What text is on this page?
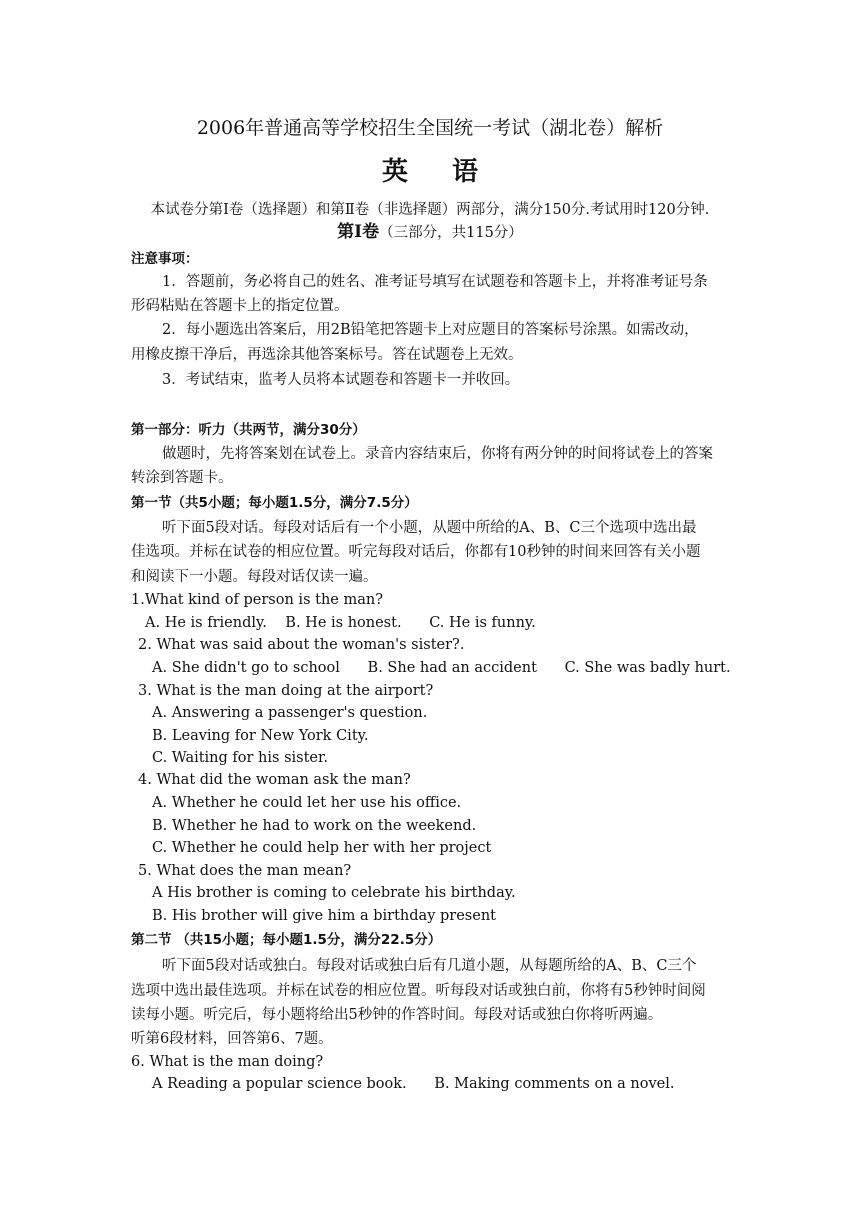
2006年普通高等学校招生全国统一考试（湖北卷）解析
英 语
本试卷分第Ⅰ卷（选择题）和第Ⅱ卷（非选择题）两部分，满分150分.考试用时120分钟.
第Ⅰ卷（三部分，共115分）
注意事项：
1．答题前，务必将自己的姓名、准考证号填写在试题卷和答题卡上，并将准考证号条
形码粘贴在答题卡上的指定位置。
2．每小题选出答案后，用2B铅笔把答题卡上对应题目的答案标号涂黑。如需改动，
用橡皮擦干净后，再选涂其他答案标号。答在试题卷上无效。
3．考试结束，监考人员将本试题卷和答题卡一并收回。
第一部分：听力（共两节，满分30分）
做题时，先将答案划在试卷上。录音内容结束后，你将有两分钟的时间将试卷上的答案
转涂到答题卡。
第一节（共5小题；每小题1.5分，满分7.5分）
听下面5段对话。每段对话后有一个小题，从题中所给的A、B、C三个选项中选出最
佳选项。并标在试卷的相应位置。听完每段对话后，你都有10秒钟的时间来回答有关小题
和阅读下一小题。每段对话仅读一遍。
1.What kind of person is the man?
A. He is friendly.    B. He is honest.      C. He is funny.
2. What was said about the woman's sister?.
A. She didn't go to school      B. She had an accident      C. She was badly hurt.
3. What is the man doing at the airport?
A. Answering a passenger's question.
B. Leaving for New York City.
C. Waiting for his sister.
4. What did the woman ask the man?
A. Whether he could let her use his office.
B. Whether he had to work on the weekend.
C. Whether he could help her with her project
5. What does the man mean?
A His brother is coming to celebrate his birthday.
B. His brother will give him a birthday present
第二节 （共15小题；每小题1.5分，满分22.5分）
听下面5段对话或独白。每段对话或独白后有几道小题，从每题所给的A、B、C三个
选项中选出最佳选项。并标在试卷的相应位置。听每段对话或独白前，你将有5秒钟时间阅
读每小题。听完后，每小题将给出5秒钟的作答时间。每段对话或独白你将听两遍。
听第6段材料，回答第6、7题。
6. What is the man doing?
A Reading a popular science book.      B. Making comments on a novel.
